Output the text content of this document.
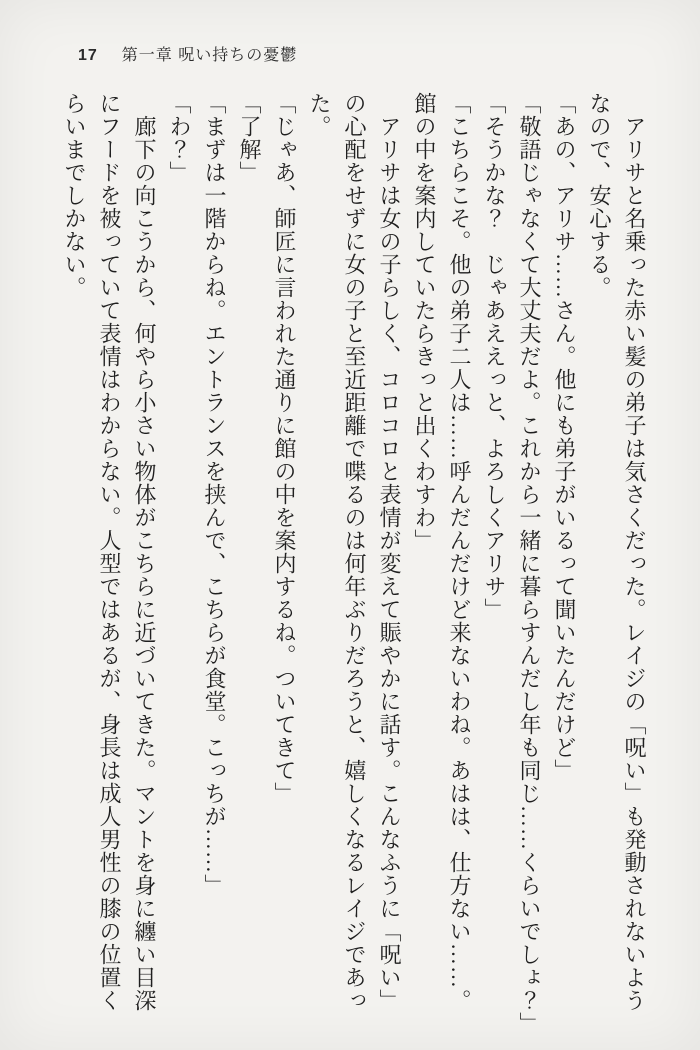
17 第一章 呪い持ちの憂鬱
　アリサと名乗った赤い髪の弟子は気さくだった。レイジの「呪い」も発動されないよう
なので、安心する。
「あの、アリサ……さん。他にも弟子がいるって聞いたんだけど」
「敬語じゃなくて大丈夫だよ。これから一緒に暮らすんだし年も同じ……くらいでしょ？」
「そうかな？　じゃあええっと、よろしくアリサ」
「こちらこそ。他の弟子二人は……呼んだんだけど来ないわね。あはは、仕方ない……。
館の中を案内していたらきっと出くわすわ」
　アリサは女の子らしく、コロコロと表情が変えて賑やかに話す。こんなふうに「呪い」
の心配をせずに女の子と至近距離で喋るのは何年ぶりだろうと、嬉しくなるレイジであっ
た。
「じゃあ、師匠に言われた通りに館の中を案内するね。ついてきて」
「了解」
「まずは一階からね。エントランスを挟んで、こちらが食堂。こっちが……」
「わ？」
　廊下の向こうから、何やら小さい物体がこちらに近づいてきた。マントを身に纏い目深
にフードを被っていて表情はわからない。人型ではあるが、身長は成人男性の膝の位置く
らいまでしかない。
